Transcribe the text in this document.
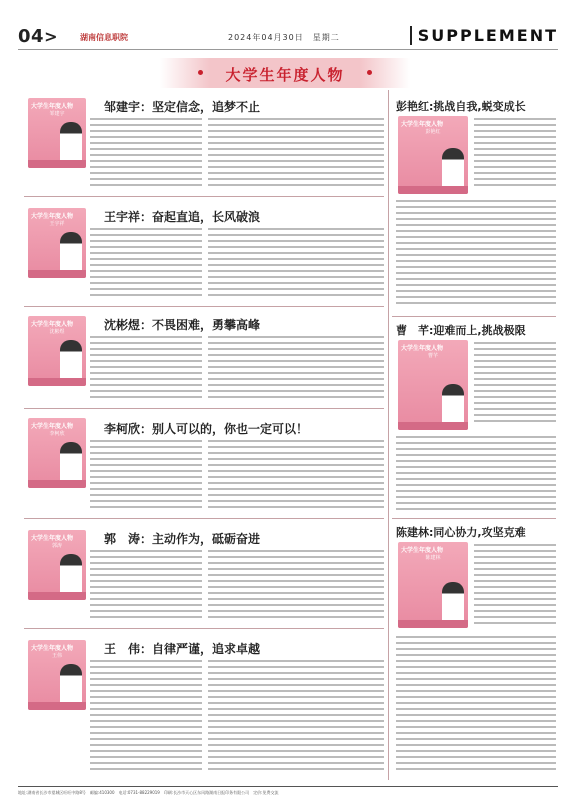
04>	湖南信息职院	2024年04月30日　星期二	SUPPLEMENT
大学生年度人物
大学生年度人物
邹建宇	邹建宇：坚定信念，追梦不止
大学生年度人物
王宇祥	王宇祥：奋起直追，长风破浪
大学生年度人物
沈彬煜	沈彬煜：不畏困难，勇攀高峰
大学生年度人物
李柯欣	李柯欣：别人可以的，你也一定可以！
大学生年度人物
郭涛	郭　涛：主动作为，砥砺奋进
大学生年度人物
王伟	王　伟：自律严谨，追求卓越
彭艳红:挑战自我,蜕变成长
大学生年度人物
彭艳红
曹　芊:迎难而上,挑战极限
大学生年度人物
曹芊
陈建林:同心协力,攻坚克难
大学生年度人物
陈建林
地址:湖南省长沙市望城区旺旺中路8号　邮编:410300　电话:0731-88229019　印刷:长沙市天心区东风路湖南日报印务有限公司　定价:免费交流
